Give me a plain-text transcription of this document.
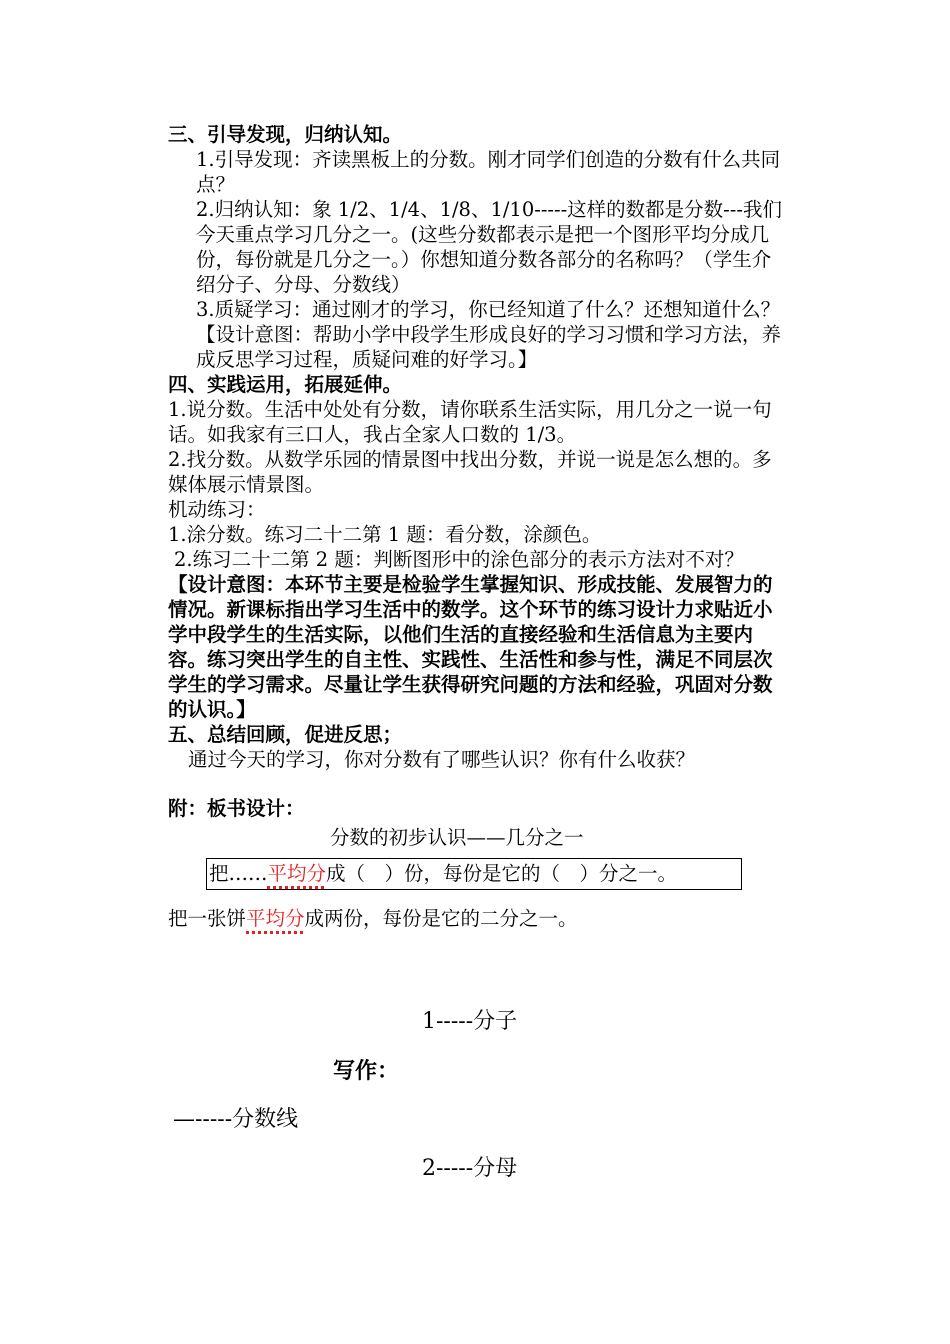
三、引导发现，归纳认知。

1.引导发现：齐读黑板上的分数。刚才同学们创造的分数有什么共同点？

2.归纳认知：象 1/2、1/4、1/8、1/10-----这样的数都是分数---我们今天重点学习几分之一。(这些分数都表示是把一个图形平均分成几份，每份就是几分之一。）你想知道分数各部分的名称吗？（学生介绍分子、分母、分数线）

3.质疑学习：通过刚才的学习，你已经知道了什么？还想知道什么？

【设计意图：帮助小学中段学生形成良好的学习习惯和学习方法，养成反思学习过程，质疑问难的好学习。】

四、实践运用，拓展延伸。

1.说分数。生活中处处有分数，请你联系生活实际，用几分之一说一句话。如我家有三口人，我占全家人口数的 1/3。

2.找分数。从数学乐园的情景图中找出分数，并说一说是怎么想的。多媒体展示情景图。

机动练习：

1.涂分数。练习二十二第 1 题：看分数，涂颜色。

2.练习二十二第 2 题：判断图形中的涂色部分的表示方法对不对？

【设计意图：本环节主要是检验学生掌握知识、形成技能、发展智力的情况。新课标指出学习生活中的数学。这个环节的练习设计力求贴近小学中段学生的生活实际，以他们生活的直接经验和生活信息为主要内容。练习突出学生的自主性、实践性、生活性和参与性，满足不同层次学生的学习需求。尽量让学生获得研究问题的方法和经验，巩固对分数的认识。】

五、总结回顾，促进反思；

通过今天的学习，你对分数有了哪些认识？你有什么收获？

附：板书设计：

分数的初步认识——几分之一

把……平均分成（　）份，每份是它的（　）分之一。

把一张饼平均分成两份，每份是它的二分之一。

1-----分子
写作：
—-----分数线
2-----分母
